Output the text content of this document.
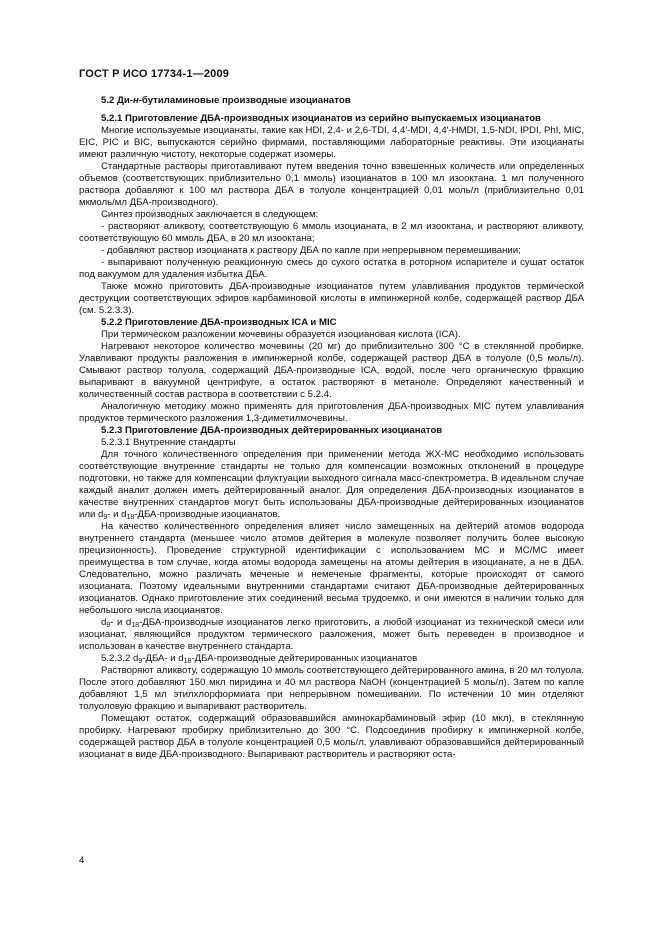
ГОСТ Р ИСО 17734-1—2009

5.2 Ди-н-бутиламиновые производные изоцианатов

5.2.1 Приготовление ДБА-производных изоцианатов из серийно выпускаемых изоцианатов

Многие используемые изоцианаты, такие как HDI, 2,4- и 2,6-TDI, 4,4′-MDI, 4,4′-HMDI, 1,5-NDI, IPDI, PhI, MIC, EIC, PIC и BIC, выпускаются серийно фирмами, поставляющими лабораторные реактивы. Эти изоцианаты имеют различную чистоту, некоторые содержат изомеры.

Стандартные растворы приготавливают путем введения точно взвешенных количеств или определенных объемов (соответствующих приблизительно 0,1 ммоль) изоцианатов в 100 мл изооктана. 1 мл полученного раствора добавляют к 100 мл раствора ДБА в толуоле концентрацией 0,01 моль/л (приблизительно 0,01 мкмоль/мл ДБА-производного).

Синтез производных заключается в следующем:

- растворяют аликвоту, соответствующую 6 ммоль изоцианата, в 2 мл изооктана, и растворяют аликвоту, соответствующую 60 ммоль ДБА, в 20 мл изооктана;

- добавляют раствор изоцианата к раствору ДБА по капле при непрерывном перемешивании;

- выпаривают полученную реакционную смесь до сухого остатка в роторном испарителе и сушат остаток под вакуумом для удаления избытка ДБА.

Также можно приготовить ДБА-производные изоцианатов путем улавливания продуктов термической деструкции соответствующих эфиров карбаминовой кислоты в импинжерной колбе, содержащей раствор ДБА (см. 5.2.3.3).

5.2.2 Приготовление ДБА-производных ICA и MIC

При термическом разложении мочевины образуется изоциановая кислота (ICA).

Нагревают некоторое количество мочевины (20 мг) до приблизительно 300 °С в стеклянной пробирке. Улавливают продукты разложения в импинжерной колбе, содержащей раствор ДБА в толуоле (0,5 моль/л). Смывают раствор толуола, содержащий ДБА-производные ICA, водой, после чего органическую фракцию выпаривают в вакуумной центрифуге, а остаток растворяют в метаноле. Определяют качественный и количественный состав раствора в соответствии с 5.2.4.

Аналогичную методику можно применять для приготовления ДБА-производных MIC путем улавливания продуктов термического разложения 1,3-диметилмочевины.

5.2.3 Приготовление ДБА-производных дейтерированных изоцианатов

5.2.3.1 Внутренние стандарты

Для точного количественного определения при применении метода ЖХ-МС необходимо использовать соответствующие внутренние стандарты не только для компенсации возможных отклонений в процедуре подготовки, но также для компенсации флуктуации выходного сигнала масс-спектрометра. В идеальном случае каждый аналит должен иметь дейтерированный аналог. Для определения ДБА-производных изоцианатов в качестве внутренних стандартов могут быть использованы ДБА-производные дейтерированных изоцианатов или $d_9-$ и $d_{18}-ДБА$-производные изоцианатов.

На качество количественного определения влияет число замещенных на дейтерий атомов водорода внутреннего стандарта (меньшее число атомов дейтерия в молекуле позволяет получить более высокую прецизионность). Проведение структурной идентификации с использованием МС и МС/МС имеет преимущества в том случае, когда атомы водорода замещены на атомы дейтерия в изоцианате, а не в ДБА. Следовательно, можно различать меченые и немеченые фрагменты, которые происходят от самого изоцианата. Поэтому идеальными внутренними стандартами считают ДБА-производные дейтерированных изоцианатов. Однако приготовление этих соединений весьма трудоемко, и они имеются в наличии только для небольшого числа изоцианатов.

$d_9-$ и $d_{18}-ДБА$-производные изоцианатов легко приготовить, а любой изоцианат из технической смеси или изоцианат, являющийся продуктом термического разложения, может быть переведен в производное и использован в качестве внутреннего стандарта.

5.2.3.2 $d_9-ДБА-$ и $d_{18}-ДБА$-производные дейтерированных изоцианатов

Растворяют аликвоту, содержащую 10 ммоль соответствующего дейтерированного амина, в 20 мл толуола. После этого добавляют 150 мкл пиридина и 40 мл раствора NaOH (концентрацией 5 моль/л). Затем по капле добавляют 1,5 мл этилхлорформиата при непрерывном помешивании. По истечении 10 мин отделяют толуоловую фракцию и выпаривают растворитель.

Помещают остаток, содержащий образовавшийся аминокарбаминовый эфир (10 мкл), в стеклянную пробирку. Нагревают пробирку приблизительно до 300 °С. Подсоединив пробирку к импинжерной колбе, содержащей раствор ДБА в толуоле концентрацией 0,5 моль/л, улавливают образовавшийся дейтерированный изоцианат в виде ДБА-производного. Выпаривают растворитель и растворяют оста-

4
